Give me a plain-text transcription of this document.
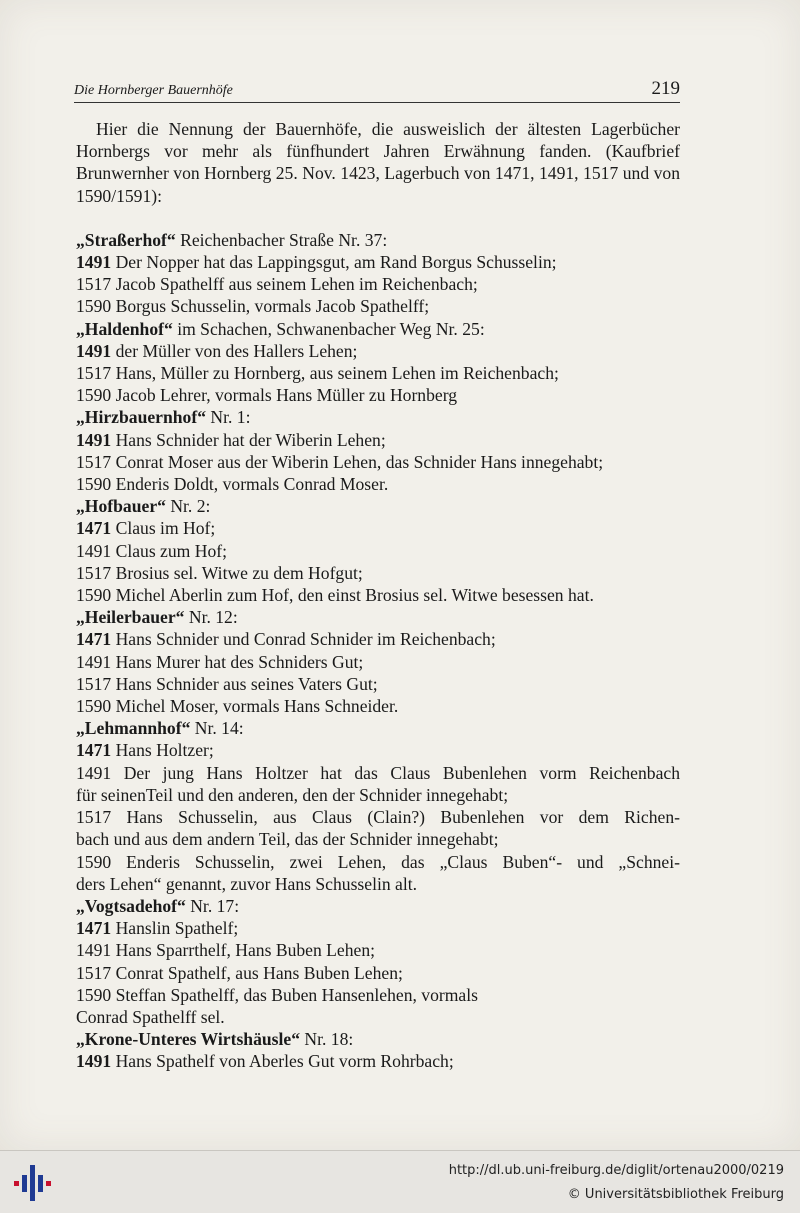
Die Hornberger Bauernhöfe	219

Hier die Nennung der Bauernhöfe, die ausweislich der ältesten Lagerbücher Hornbergs vor mehr als fünfhundert Jahren Erwähnung fanden. (Kaufbrief Brunwernher von Hornberg 25. Nov. 1423, Lagerbuch von 1471, 1491, 1517 und von 1590/1591):

„Straßerhof“ Reichenbacher Straße Nr. 37:
1491 Der Nopper hat das Lappingsgut, am Rand Borgus Schusselin;
1517 Jacob Spathelff aus seinem Lehen im Reichenbach;
1590 Borgus Schusselin, vormals Jacob Spathelff;
„Haldenhof“ im Schachen, Schwanenbacher Weg Nr. 25:
1491 der Müller von des Hallers Lehen;
1517 Hans, Müller zu Hornberg, aus seinem Lehen im Reichenbach;
1590 Jacob Lehrer, vormals Hans Müller zu Hornberg
„Hirzbauernhof“ Nr. 1:
1491 Hans Schnider hat der Wiberin Lehen;
1517 Conrat Moser aus der Wiberin Lehen, das Schnider Hans innegehabt;
1590 Enderis Doldt, vormals Conrad Moser.
„Hofbauer“ Nr. 2:
1471 Claus im Hof;
1491 Claus zum Hof;
1517 Brosius sel. Witwe zu dem Hofgut;
1590 Michel Aberlin zum Hof, den einst Brosius sel. Witwe besessen hat.
„Heilerbauer“ Nr. 12:
1471 Hans Schnider und Conrad Schnider im Reichenbach;
1491 Hans Murer hat des Schniders Gut;
1517 Hans Schnider aus seines Vaters Gut;
1590 Michel Moser, vormals Hans Schneider.
„Lehmannhof“ Nr. 14:
1471 Hans Holtzer;
1491 Der jung Hans Holtzer hat das Claus Bubenlehen vorm Reichenbach
für seinenTeil und den anderen, den der Schnider innegehabt;
1517 Hans Schusselin, aus Claus (Clain?) Bubenlehen vor dem Richen-
bach und aus dem andern Teil, das der Schnider innegehabt;
1590 Enderis Schusselin, zwei Lehen, das „Claus Buben“- und „Schnei-
ders Lehen“ genannt, zuvor Hans Schusselin alt.
„Vogtsadehof“ Nr. 17:
1471 Hanslin Spathelf;
1491 Hans Sparrthelf, Hans Buben Lehen;
1517 Conrat Spathelf, aus Hans Buben Lehen;
1590 Steffan Spathelff, das Buben Hansenlehen, vormals
Conrad Spathelff sel.
„Krone-Unteres Wirtshäusle“ Nr. 18:
1491 Hans Spathelf von Aberles Gut vorm Rohrbach;
http://dl.ub.uni-freiburg.de/diglit/ortenau2000/0219
© Universitätsbibliothek Freiburg
